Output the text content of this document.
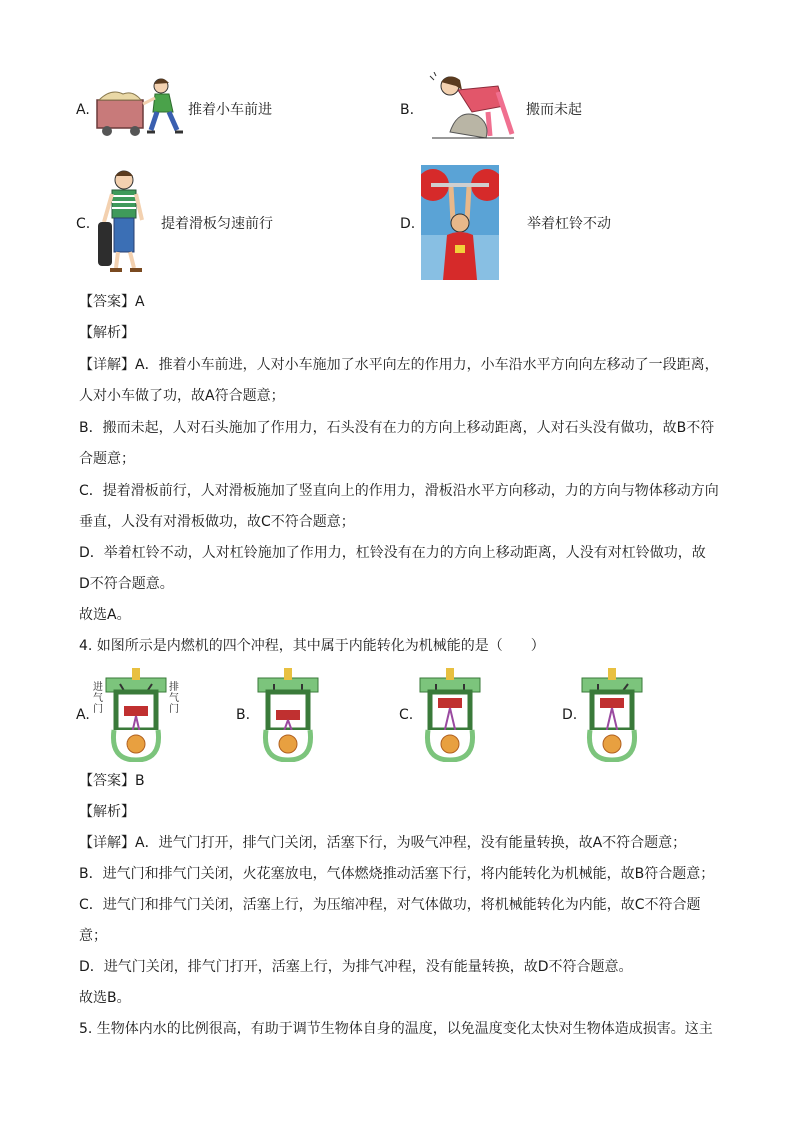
A.	推着小车前进	B.	搬而未起
C.	提着滑板匀速前行	D.	举着杠铃不动
【答案】A
【解析】
【详解】A．推着小车前进，人对小车施加了水平向左的作用力，小车沿水平方向向左移动了一段距离，
人对小车做了功，故A符合题意；
B．搬而未起，人对石头施加了作用力，石头没有在力的方向上移动距离，人对石头没有做功，故B不符
合题意；
C．提着滑板前行，人对滑板施加了竖直向上的作用力，滑板沿水平方向移动，力的方向与物体移动方向
垂直，人没有对滑板做功，故C不符合题意；
D．举着杠铃不动，人对杠铃施加了作用力，杠铃没有在力的方向上移动距离，人没有对杠铃做功，故
D不符合题意。
故选A。
4. 如图所示是内燃机的四个冲程，其中属于内能转化为机械能的是（　　）
A.
进气门
排气门	B.	C.	D.
【答案】B
【解析】
【详解】A．进气门打开，排气门关闭，活塞下行，为吸气冲程，没有能量转换，故A不符合题意；
B．进气门和排气门关闭，火花塞放电，气体燃烧推动活塞下行，将内能转化为机械能，故B符合题意；
C．进气门和排气门关闭，活塞上行，为压缩冲程，对气体做功，将机械能转化为内能，故C不符合题
意；
D．进气门关闭，排气门打开，活塞上行，为排气冲程，没有能量转换，故D不符合题意。
故选B。
5. 生物体内水的比例很高，有助于调节生物体自身的温度，以免温度变化太快对生物体造成损害。这主
